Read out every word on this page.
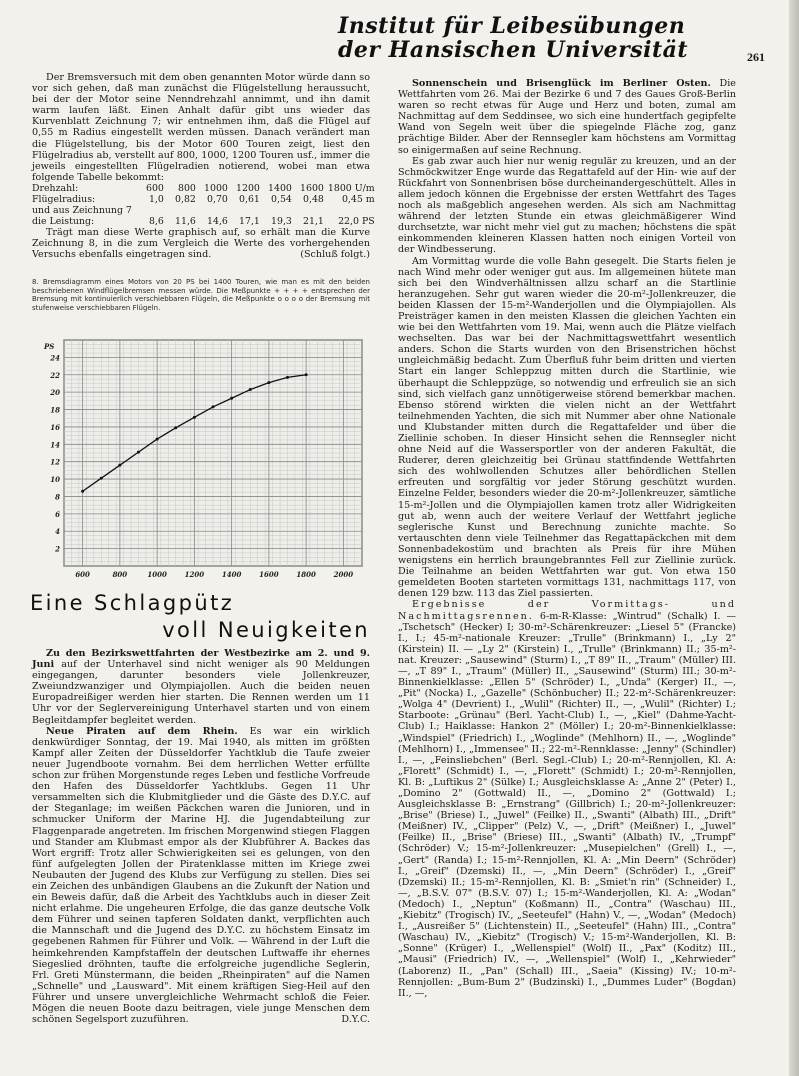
Institut für Leibesübungen
der Hansischen Universität	261

Der Bremsversuch mit dem oben genannten Motor würde dann so vor sich gehen, daß man zunächst die Flügelstellung heraussucht, bei der der Motor seine Nenndrehzahl annimmt, und ihn damit warm laufen läßt. Einen Anhalt dafür gibt uns wieder das Kurvenblatt Zeichnung 7; wir entnehmen ihm, daß die Flügel auf 0,55 m Radius eingestellt werden müssen. Danach verändert man die Flügelstellung, bis der Motor 600 Touren zeigt, liest den Flügelradius ab, verstellt auf 800, 1000, 1200 Touren usf., immer die jeweils eingestellten Flügelradien notierend, wobei man etwa folgende Tabelle bekommt:

Drehzahl:	600	800	1000	1200	1400	1600	1800 U/m
Flügelradius:	1,0	0,82	0,70	0,61	0,54	0,48	0,45 m
und aus Zeichnung 7							
die Leistung:	8,6	11,6	14,6	17,1	19,3	21,1	22,0 PS

Trägt man diese Werte graphisch auf, so erhält man die Kurve Zeichnung 8, in die zum Vergleich die Werte des vorhergehenden Versuchs ebenfalls eingetragen sind.	(Schluß folgt.)

8. Bremsdiagramm eines Motors von 20 PS bei 1400 Touren, wie man es mit den beiden beschriebenen Windflügelbremsen messen würde. Die Meßpunkte + + + + entsprechen der Bremsung mit kontinuierlich verschiebbaren Flügeln, die Meßpunkte o o o o der Bremsung mit stufenweise verschiebbaren Flügeln.
600	800	1000	1200	1400	1600	1800	2000
2
4
6
8
10
12
14
16
18
20
22
24
PS
Eine Schlagpütz
voll Neuigkeiten

Zu den Bezirkswettfahrten der Westbezirke am 2. und 9. Juni auf der Unterhavel sind nicht weniger als 90 Meldungen eingegangen, darunter besonders viele Jollenkreuzer, Zweiundzwanziger und Olympiajollen. Auch die beiden neuen Europadreißiger werden hier starten. Die Rennen werden um 11 Uhr vor der Seglervereinigung Unterhavel starten und von einem Begleitdampfer begleitet werden.

Neue Piraten auf dem Rhein. Es war ein wirklich denkwürdiger Sonntag, der 19. Mai 1940, als mitten im größten Kampf aller Zeiten der Düsseldorfer Yachtklub die Taufe zweier neuer Jugendboote vornahm. Bei dem herrlichen Wetter erfüllte schon zur frühen Morgenstunde reges Leben und festliche Vorfreude den Hafen des Düsseldorfer Yachtklubs. Gegen 11 Uhr versammelten sich die Klubmitglieder und die Gäste des D.Y.C. auf der Steganlage; im weißen Päckchen waren die Junioren, und in schmucker Uniform der Marine HJ. die Jugendabteilung zur Flaggenparade angetreten. Im frischen Morgenwind stiegen Flaggen und Stander am Klubmast empor als der Klubführer A. Backes das Wort ergriff: Trotz aller Schwierigkeiten sei es gelungen, von den fünf aufgelegten Jollen der Piratenklasse mitten im Kriege zwei Neubauten der Jugend des Klubs zur Verfügung zu stellen. Dies sei ein Zeichen des unbändigen Glaubens an die Zukunft der Nation und ein Beweis dafür, daß die Arbeit des Yachtklubs auch in dieser Zeit nicht erlahme. Die ungeheuren Erfolge, die das ganze deutsche Volk dem Führer und seinen tapferen Soldaten dankt, verpflichten auch die Mannschaft und die Jugend des D.Y.C. zu höchstem Einsatz im gegebenen Rahmen für Führer und Volk. — Während in der Luft die heimkehrenden Kampfstaffeln der deutschen Luftwaffe ihr ehernes Siegeslied dröhnten, taufte die erfolgreiche jugendliche Seglerin, Frl. Greti Münstermann, die beiden „Rheinpiraten" auf die Namen „Schnelle" und „Lausward". Mit einem kräftigen Sieg-Heil auf den Führer und unsere unvergleichliche Wehrmacht schloß die Feier. Mögen die neuen Boote dazu beitragen, viele junge Menschen dem schönen Segelsport zuzuführen.	D.Y.C.

Sonnenschein und Brisenglück im Berliner Osten. Die Wettfahrten vom 26. Mai der Bezirke 6 und 7 des Gaues Groß-Berlin waren so recht etwas für Auge und Herz und boten, zumal am Nachmittag auf dem Seddinsee, wo sich eine hundertfach gegipfelte Wand von Segeln weit über die spiegelnde Fläche zog, ganz prächtige Bilder. Aber der Rennsegler kam höchstens am Vormittag so einigermaßen auf seine Rechnung.

Es gab zwar auch hier nur wenig regulär zu kreuzen, und an der Schmöckwitzer Enge wurde das Regattafeld auf der Hin- wie auf der Rückfahrt von Sonnenbrisen böse durcheinandergeschüttelt. Alles in allem jedoch können die Ergebnisse der ersten Wettfahrt des Tages noch als maßgeblich angesehen werden. Als sich am Nachmittag während der letzten Stunde ein etwas gleichmäßigerer Wind durchsetzte, war nicht mehr viel gut zu machen; höchstens die spät einkommenden kleineren Klassen hatten noch einigen Vorteil von der Windbesserung.

Am Vormittag wurde die volle Bahn gesegelt. Die Starts fielen je nach Wind mehr oder weniger gut aus. Im allgemeinen hütete man sich bei den Windverhältnissen allzu scharf an die Startlinie heranzugehen. Sehr gut waren wieder die 20-m²-Jollenkreuzer, die beiden Klassen der 15-m²-Wanderjollen und die Olympiajollen. Als Preisträger kamen in den meisten Klassen die gleichen Yachten ein wie bei den Wettfahrten vom 19. Mai, wenn auch die Plätze vielfach wechselten. Das war bei der Nachmittagswettfahrt wesentlich anders. Schon die Starts wurden von den Brisenstrichen höchst ungleichmäßig bedacht. Zum Überfluß fuhr beim dritten und vierten Start ein langer Schleppzug mitten durch die Startlinie, wie überhaupt die Schleppzüge, so notwendig und erfreulich sie an sich sind, sich vielfach ganz unnötigerweise störend bemerkbar machen. Ebenso störend wirkten die vielen nicht an der Wettfahrt teilnehmenden Yachten, die sich mit Nummer aber ohne Nationale und Klubstander mitten durch die Regattafelder und über die Ziellinie schoben. In dieser Hinsicht sehen die Rennsegler nicht ohne Neid auf die Wassersportler von der anderen Fakultät, die Ruderer, deren gleichzeitig bei Grünau stattfindende Wettfahrten sich des wohlwollenden Schutzes aller behördlichen Stellen erfreuten und sorgfältig vor jeder Störung geschützt wurden. Einzelne Felder, besonders wieder die 20-m²-Jollenkreuzer, sämtliche 15-m²-Jollen und die Olympiajollen kamen trotz aller Widrigkeiten gut ab, wenn auch der weitere Verlauf der Wettfahrt jegliche seglerische Kunst und Berechnung zunichte machte. So vertauschten denn viele Teilnehmer das Regattapäckchen mit dem Sonnenbadekostüm und brachten als Preis für ihre Mühen wenigstens ein herrlich braungebranntes Fell zur Ziellinie zurück. Die Teilnahme an beiden Wettfahrten war gut. Von etwa 150 gemeldeten Booten starteten vormittags 131, nachmittags 117, von denen 129 bzw. 113 das Ziel passierten.

Ergebnisse der Vormittags- und Nachmittagsrennen. 6-m-R-Klasse: „Wintrud" (Schalk) I. — „Tschetsch" (Hecker) I; 30-m²-Schärenkreuzer: „Liesel 5" (Francke) I., I.; 45-m²-nationale Kreuzer: „Trulle" (Brinkmann) I., „Ly 2" (Kirstein) II. — „Ly 2" (Kirstein) I., „Trulle" (Brinkmann) II.; 35-m²-nat. Kreuzer: „Sausewind" (Sturm) I., „T 89" II., „Traum" (Müller) III. —, „T 89" I., „Traum" (Müller) II., „Sausewind" (Sturm) III.; 30-m²-Binnenkielklasse: „Ellen 5" (Schröder) I., „Unda" (Kerger) II., —, „Pit" (Nocka) I., „Gazelle" (Schönbucher) II.; 22-m²-Schärenkreuzer: „Wolga 4" (Devrient) I., „Wulil" (Richter) II., —, „Wulil" (Richter) I.; Starboote: „Grünau" (Berl. Yacht-Club) I., —, „Kiel" (Dahme-Yacht-Club) I.; Haiklasse: Hankon 2" (Möller) I.; 20-m²-Binnenkielklasse: „Windspiel" (Friedrich) I., „Woglinde" (Mehlhorn) II., —, „Woglinde" (Mehlhorn) I., „Immensee" II.; 22-m²-Rennklasse: „Jenny" (Schindler) I., —, „Feinsliebchen" (Berl. Segl.-Club) I.; 20-m²-Rennjollen, Kl. A: „Florett" (Schmidt) I., —, „Florett" (Schmidt) I.; 20-m²-Rennjollen, Kl. B: „Luftikus 2" (Sülke) I.; Ausgleichsklasse A: „Anne 2" (Peter) I., „Domino 2" (Gottwald) II., —, „Domino 2" (Gottwald) I.; Ausgleichsklasse B: „Ernstrang" (Gillbrich) I.; 20-m²-Jollenkreuzer: „Brise" (Briese) I., „Juwel" (Feilke) II., „Swanti" (Albath) III., „Drift" (Meißner) IV., „Clipper" (Pelz) V., —, „Drift" (Meißner) I., „Juwel" (Feilke) II., „Brise" (Briese) III., „Swanti" (Albath) IV., „Trumpf" (Schröder) V.; 15-m²-Jollenkreuzer: „Musepielchen" (Grell) I., —, „Gert" (Randa) I.; 15-m²-Rennjollen, Kl. A: „Min Deern" (Schröder) I., „Greif" (Dzemski) II., —, „Min Deern" (Schröder) I., „Greif" (Dzemski) II.; 15-m²-Rennjollen, Kl. B: „Smiet'n rin" (Schneider) I., —, „B.S.V. 07" (B.S.V. 07) I.; 15-m²-Wanderjollen, Kl. A: „Wodan" (Medoch) I., „Neptun" (Koßmann) II., „Contra" (Waschau) III., „Kiebitz" (Trogisch) IV., „Seeteufel" (Hahn) V., —, „Wodan" (Medoch) I., „Ausreißer 5" (Lichtenstein) II., „Seeteufel" (Hahn) III., „Contra" (Waschau) IV., „Kiebitz" (Trogisch) V.; 15-m²-Wanderjollen, Kl. B: „Sonne" (Krüger) I., „Wellenspiel" (Wolf) II., „Pax" (Koditz) III., „Mausi" (Friedrich) IV., —, „Wellenspiel" (Wolf) I., „Kehrwieder" (Laborenz) II., „Pan" (Schall) III., „Saeia" (Kissing) IV.; 10-m²-Rennjollen: „Bum-Bum 2" (Budzinski) I., „Dummes Luder" (Bogdan) II., —,
